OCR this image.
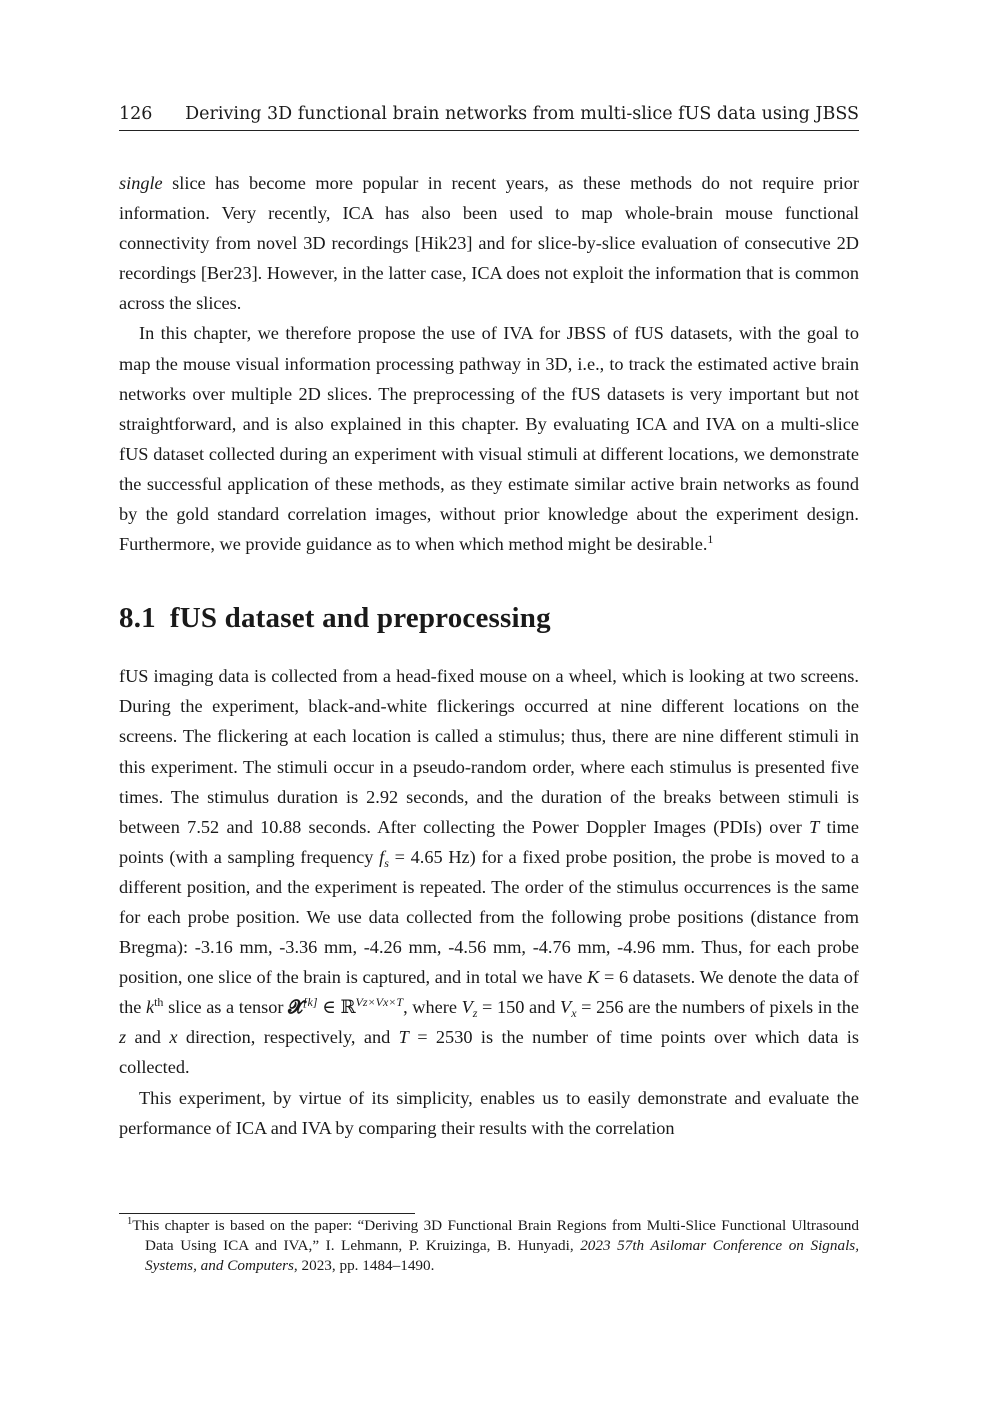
126 Deriving 3D functional brain networks from multi-slice fUS data using JBSS

single slice has become more popular in recent years, as these methods do not require prior information. Very recently, ICA has also been used to map whole-brain mouse functional connectivity from novel 3D recordings [Hik23] and for slice-by-slice evaluation of consecutive 2D recordings [Ber23]. However, in the latter case, ICA does not exploit the information that is common across the slices.

In this chapter, we therefore propose the use of IVA for JBSS of fUS datasets, with the goal to map the mouse visual information processing pathway in 3D, i.e., to track the estimated active brain networks over multiple 2D slices. The preprocessing of the fUS datasets is very important but not straightforward, and is also explained in this chapter. By evaluating ICA and IVA on a multi-slice fUS dataset collected during an experiment with visual stimuli at different locations, we demonstrate the successful application of these methods, as they estimate similar active brain networks as found by the gold standard correlation images, without prior knowledge about the experiment design. Furthermore, we provide guidance as to when which method might be desirable.$^1$

8.1 fUS dataset and preprocessing

fUS imaging data is collected from a head-fixed mouse on a wheel, which is looking at two screens. During the experiment, black-and-white flickerings occurred at nine different locations on the screens. The flickering at each location is called a stimulus; thus, there are nine different stimuli in this experiment. The stimuli occur in a pseudo-random order, where each stimulus is presented five times. The stimulus duration is 2.92 seconds, and the duration of the breaks between stimuli is between 7.52 and 10.88 seconds. After collecting the Power Doppler Images (PDIs) over T time points (with a sampling frequency $f_s = 4.65$ Hz) for a fixed probe position, the probe is moved to a different position, and the experiment is repeated. The order of the stimulus occurrences is the same for each probe position. We use data collected from the following probe positions (distance from Bregma): -3.16 mm, -3.36 mm, -4.26 mm, -4.56 mm, -4.76 mm, -4.96 mm. Thus, for each probe position, one slice of the brain is captured, and in total we have K = 6 datasets. We denote the data of the $k^{th}$ slice as a tensor 𝓧[k] ∈ ℝ$^{Vz\times Vx\times T}$, where $V_z = 150$ and $V_x = 256$ are the numbers of pixels in the z and x direction, respectively, and T = 2530 is the number of time points over which data is collected.

This experiment, by virtue of its simplicity, enables us to easily demonstrate and evaluate the performance of ICA and IVA by comparing their results with the correlation

$^1$This chapter is based on the paper: “Deriving 3D Functional Brain Regions from Multi-Slice Functional Ultrasound Data Using ICA and IVA,” I. Lehmann, P. Kruizinga, B. Hunyadi, 2023 57th Asilomar Conference on Signals, Systems, and Computers, 2023, pp. 1484–1490.
